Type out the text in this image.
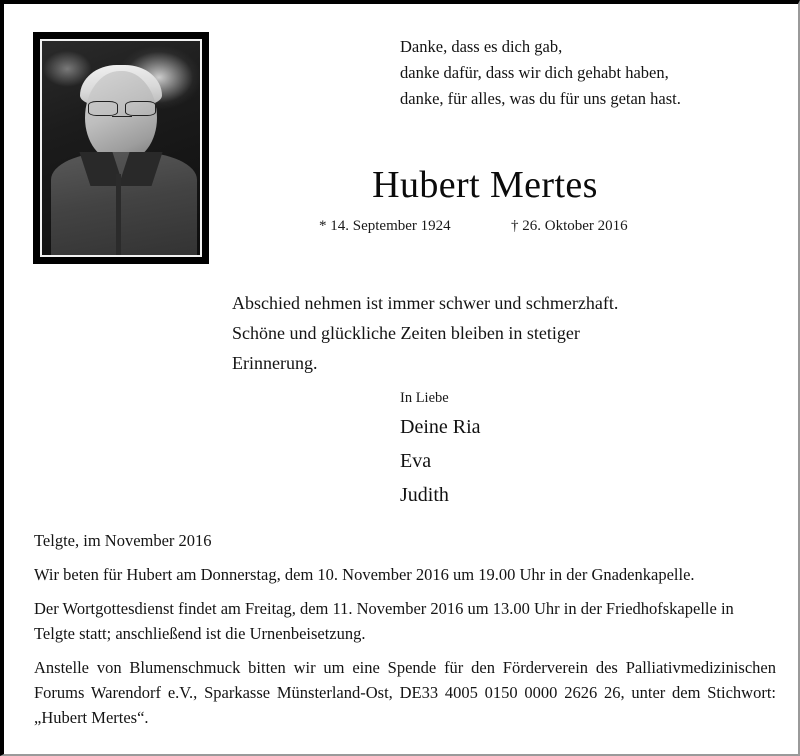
Danke, dass es dich gab,
danke dafür, dass wir dich gehabt haben,
danke, für alles, was du für uns getan hast.
Hubert Mertes
* 14. September 1924	† 26. Oktober 2016
Abschied nehmen ist immer schwer und schmerzhaft.
Schöne und glückliche Zeiten bleiben in stetiger
Erinnerung.
In Liebe
Deine Ria
Eva
Judith

Telgte, im November 2016

Wir beten für Hubert am Donnerstag, dem 10. November 2016 um 19.00 Uhr in der Gnadenkapelle.

Der Wortgottesdienst findet am Freitag, dem 11. November 2016 um 13.00 Uhr in der Friedhofskapelle in Telgte statt; anschließend ist die Urnenbeisetzung.

Anstelle von Blumenschmuck bitten wir um eine Spende für den Förderverein des Palliativmedizinischen Forums Warendorf e.V., Sparkasse Münsterland-Ost, DE33 4005 0150 0000 2626 26, unter dem Stichwort: „Hubert Mertes“.
